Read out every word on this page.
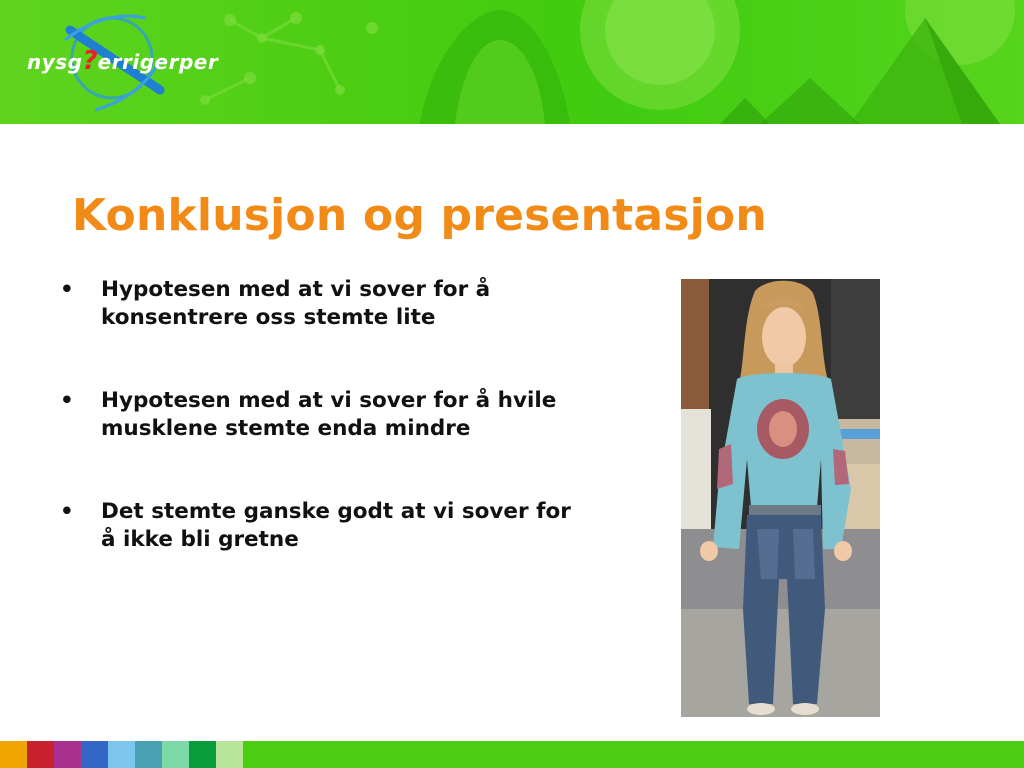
nysg?errigerper
Konklusjon og presentasjon
• Hypotesen med at vi sover for å konsentrere oss stemte lite
• Hypotesen med at vi sover for å hvile musklene stemte enda mindre
• Det stemte ganske godt at vi sover for å ikke bli gretne
